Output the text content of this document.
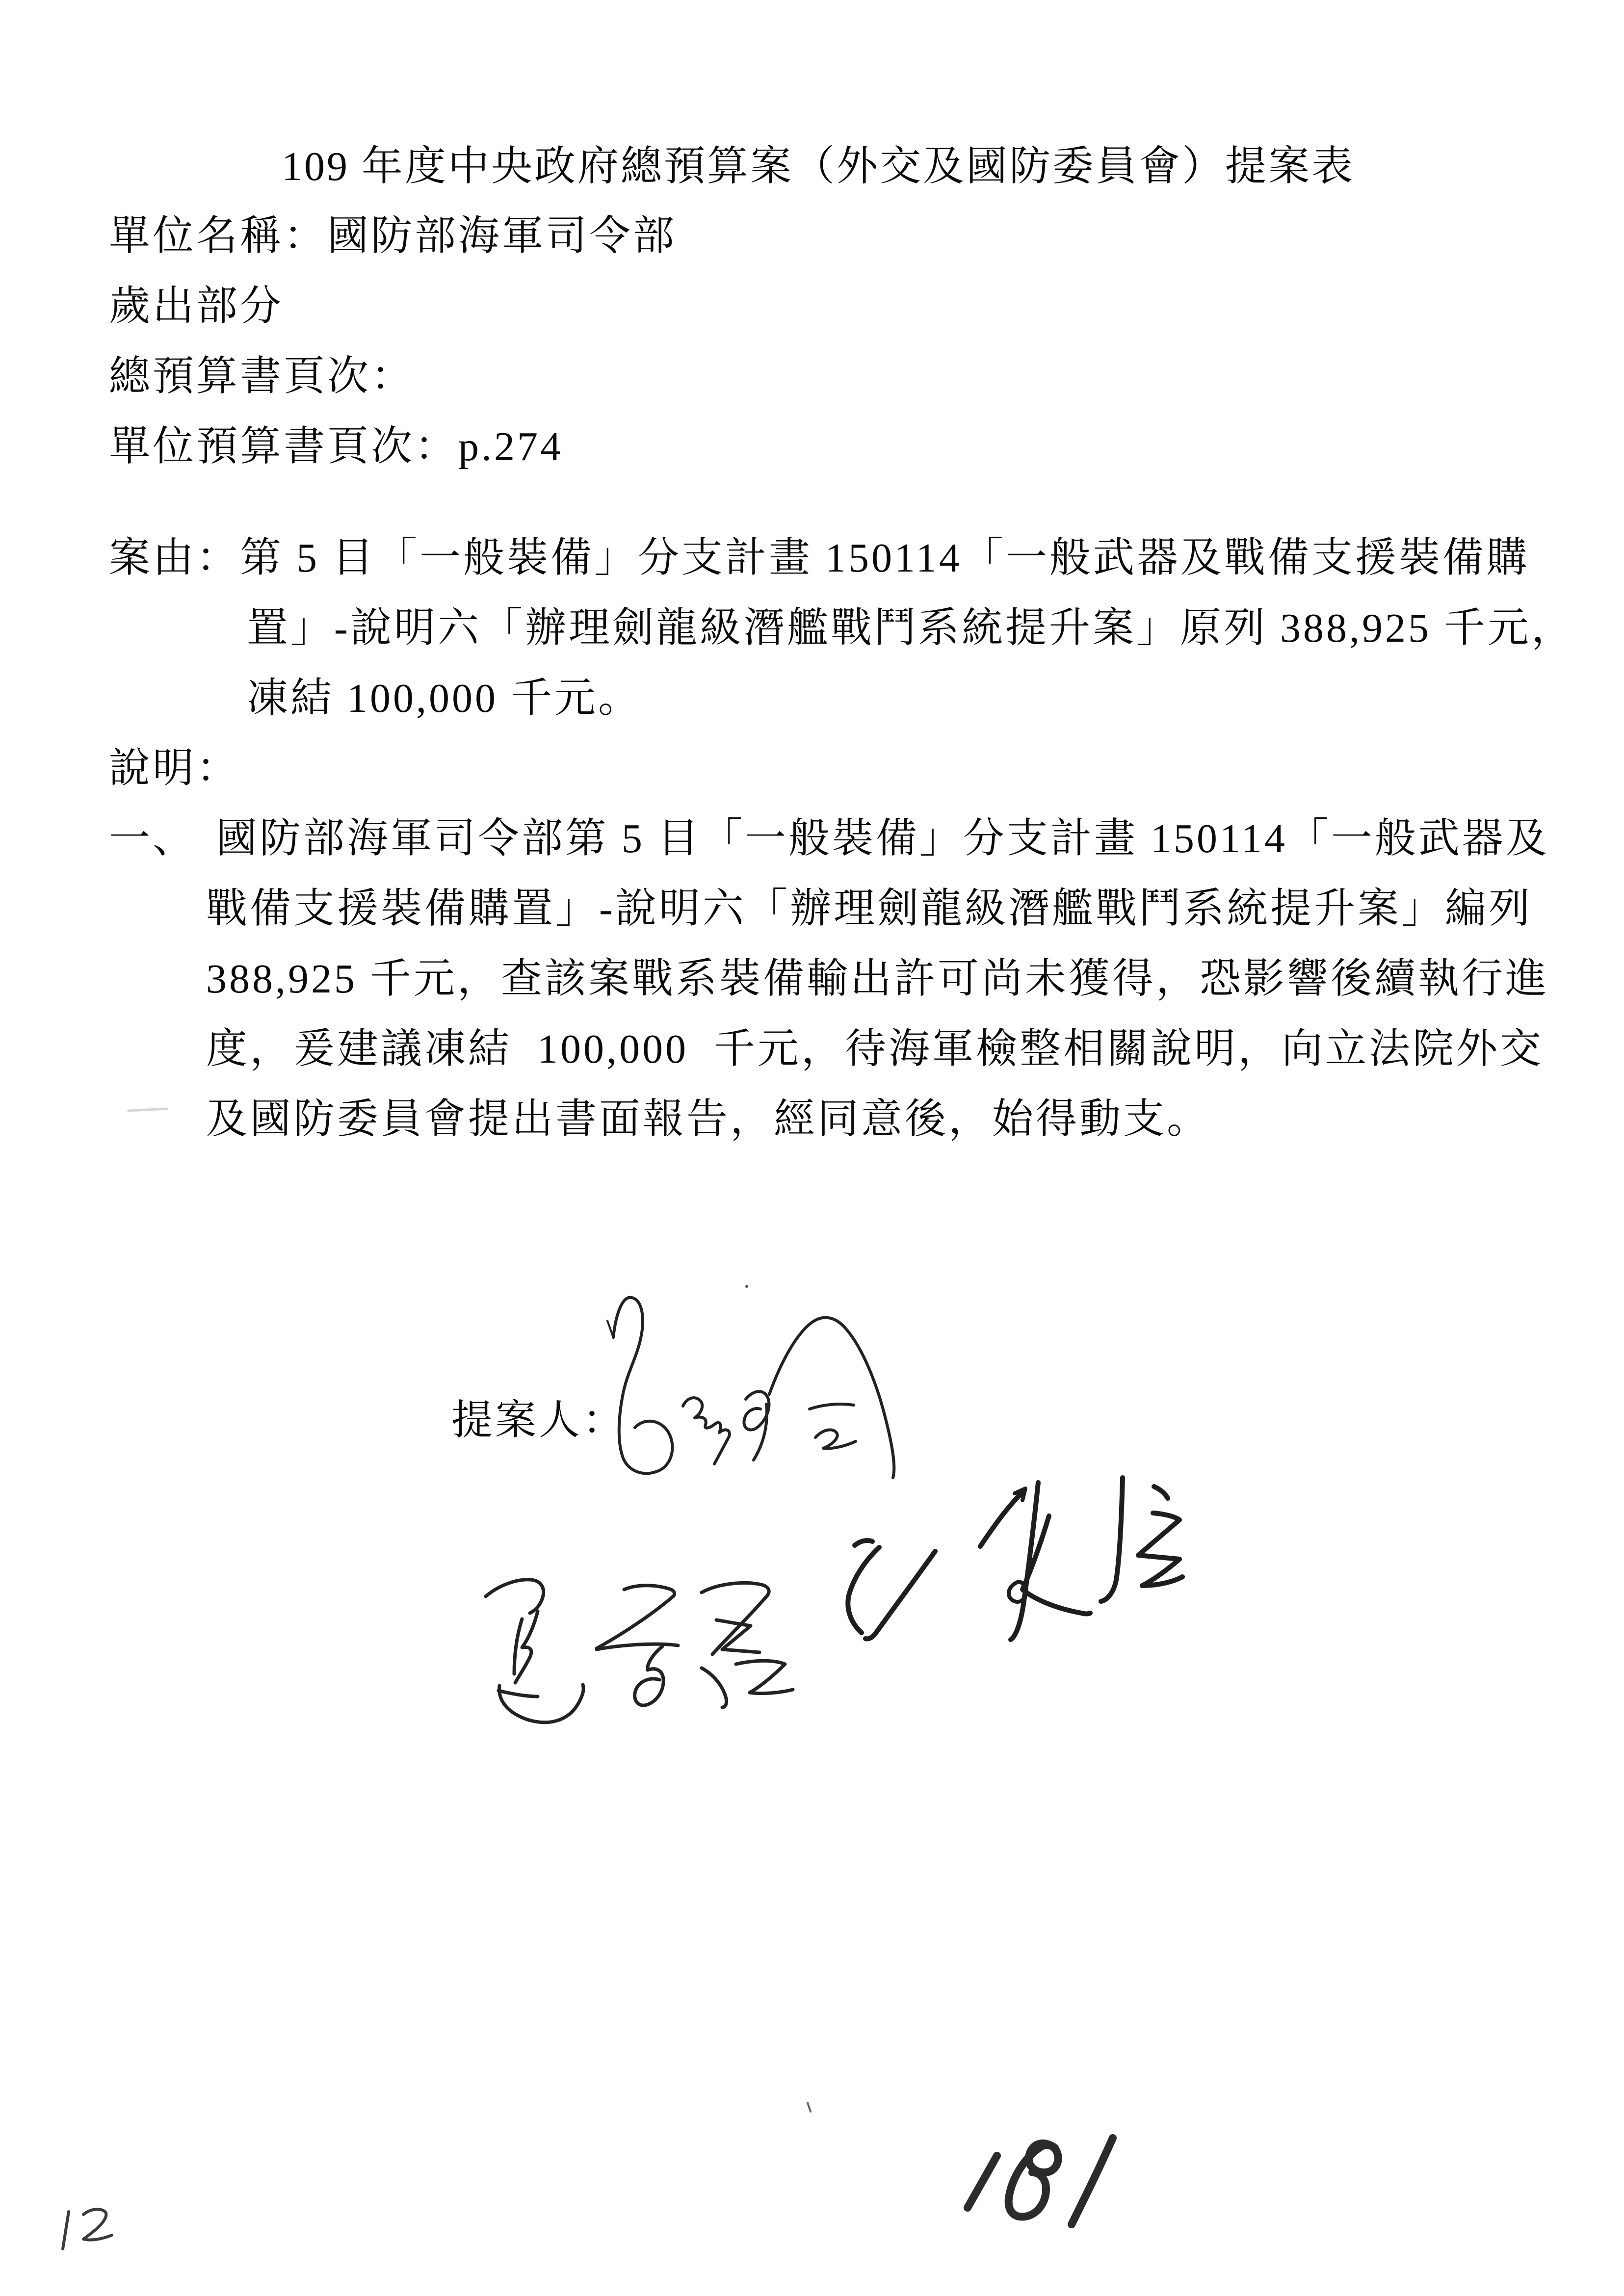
109 年度中央政府總預算案（外交及國防委員會）提案表
單位名稱：國防部海軍司令部
歲出部分
總預算書頁次：
單位預算書頁次：p.274
案由：第 5 目「一般裝備」分支計畫 150114「一般武器及戰備支援裝備購
置」-說明六「辦理劍龍級潛艦戰鬥系統提升案」原列 388,925 千元，
凍結 100,000 千元。
說明：
一、 國防部海軍司令部第 5 目「一般裝備」分支計畫 150114「一般武器及
戰備支援裝備購置」-說明六「辦理劍龍級潛艦戰鬥系統提升案」編列
388,925 千元，查該案戰系裝備輸出許可尚未獲得，恐影響後續執行進
度，爰建議凍結  100,000  千元，待海軍檢整相關說明，向立法院外交
及國防委員會提出書面報告，經同意後，始得動支。
提案人：
